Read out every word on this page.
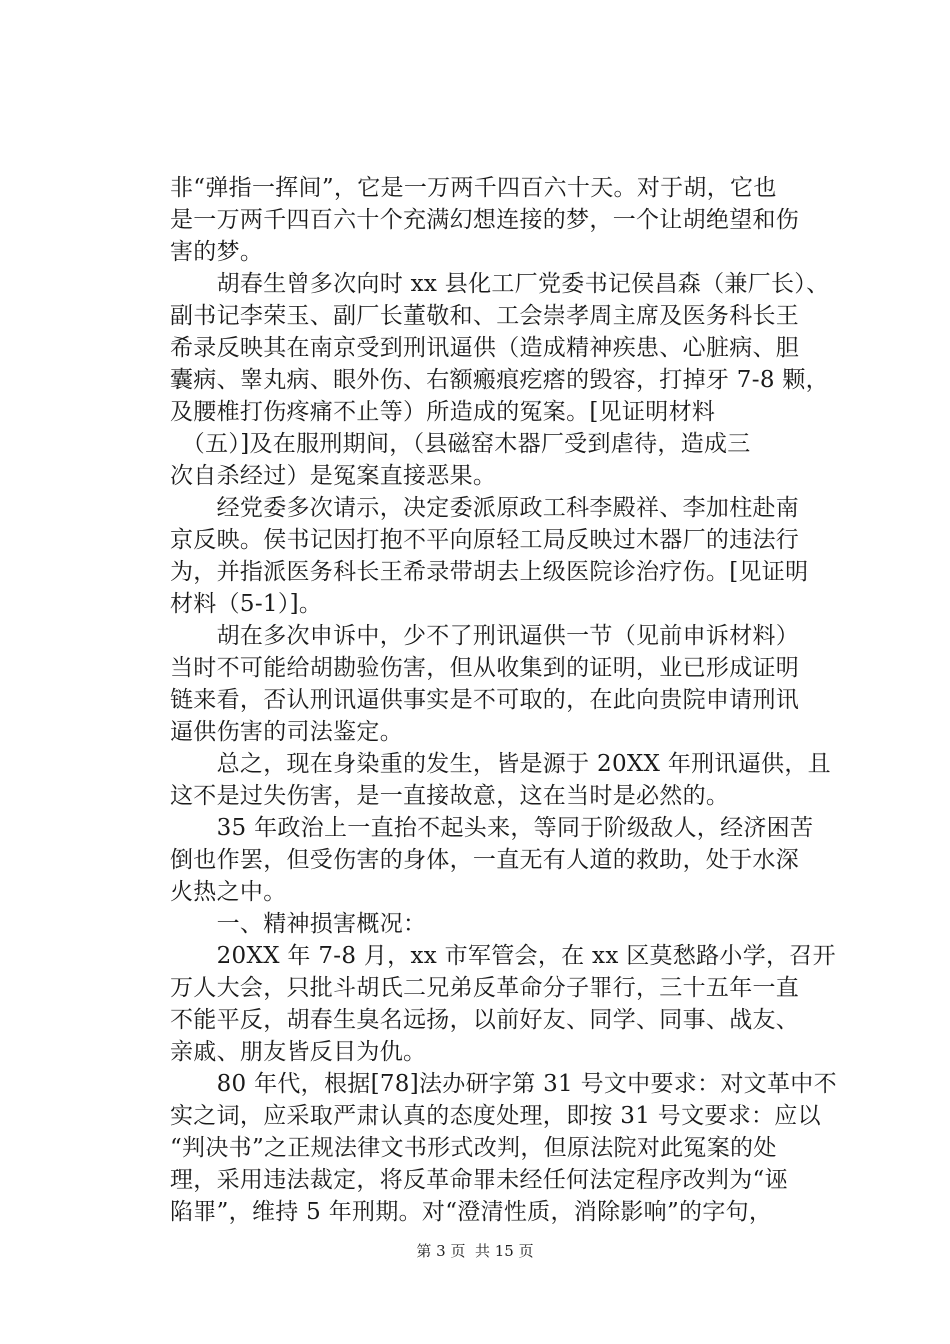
非“弹指一挥间”，它是一万两千四百六十天。对于胡，它也
是一万两千四百六十个充满幻想连接的梦，一个让胡绝望和伤
害的梦。
　　胡春生曾多次向时 xx 县化工厂党委书记侯昌森（兼厂长）、
副书记李荣玉、副厂长董敬和、工会崇孝周主席及医务科长王
希录反映其在南京受到刑讯逼供（造成精神疾患、心脏病、胆
囊病、睾丸病、眼外伤、右额瘢痕疙瘩的毁容，打掉牙 7-8 颗，
及腰椎打伤疼痛不止等）所造成的冤案。[见证明材料
　（五）]及在服刑期间，（县磁窑木器厂受到虐待，造成三
次自杀经过）是冤案直接恶果。
　　经党委多次请示，决定委派原政工科李殿祥、李加柱赴南
京反映。侯书记因打抱不平向原轻工局反映过木器厂的违法行
为，并指派医务科长王希录带胡去上级医院诊治疗伤。[见证明
材料（5-1）]。
　　胡在多次申诉中，少不了刑讯逼供一节（见前申诉材料）
当时不可能给胡勘验伤害，但从收集到的证明，业已形成证明
链来看，否认刑讯逼供事实是不可取的，在此向贵院申请刑讯
逼供伤害的司法鉴定。
　　总之，现在身染重的发生，皆是源于 20XX 年刑讯逼供，且
这不是过失伤害，是一直接故意，这在当时是必然的。
　　35 年政治上一直抬不起头来，等同于阶级敌人，经济困苦
倒也作罢，但受伤害的身体，一直无有人道的救助，处于水深
火热之中。
　　一、精神损害概况：
　　20XX 年 7-8 月，xx 市军管会，在 xx 区莫愁路小学，召开
万人大会，只批斗胡氏二兄弟反革命分子罪行，三十五年一直
不能平反，胡春生臭名远扬，以前好友、同学、同事、战友、
亲戚、朋友皆反目为仇。
　　80 年代，根据[78]法办研字第 31 号文中要求：对文革中不
实之词，应采取严肃认真的态度处理，即按 31 号文要求：应以
“判决书”之正规法律文书形式改判，但原法院对此冤案的处
理，采用违法裁定，将反革命罪未经任何法定程序改判为“诬
陷罪”，维持 5 年刑期。对“澄清性质，消除影响”的字句，
第 3 页  共 15 页
